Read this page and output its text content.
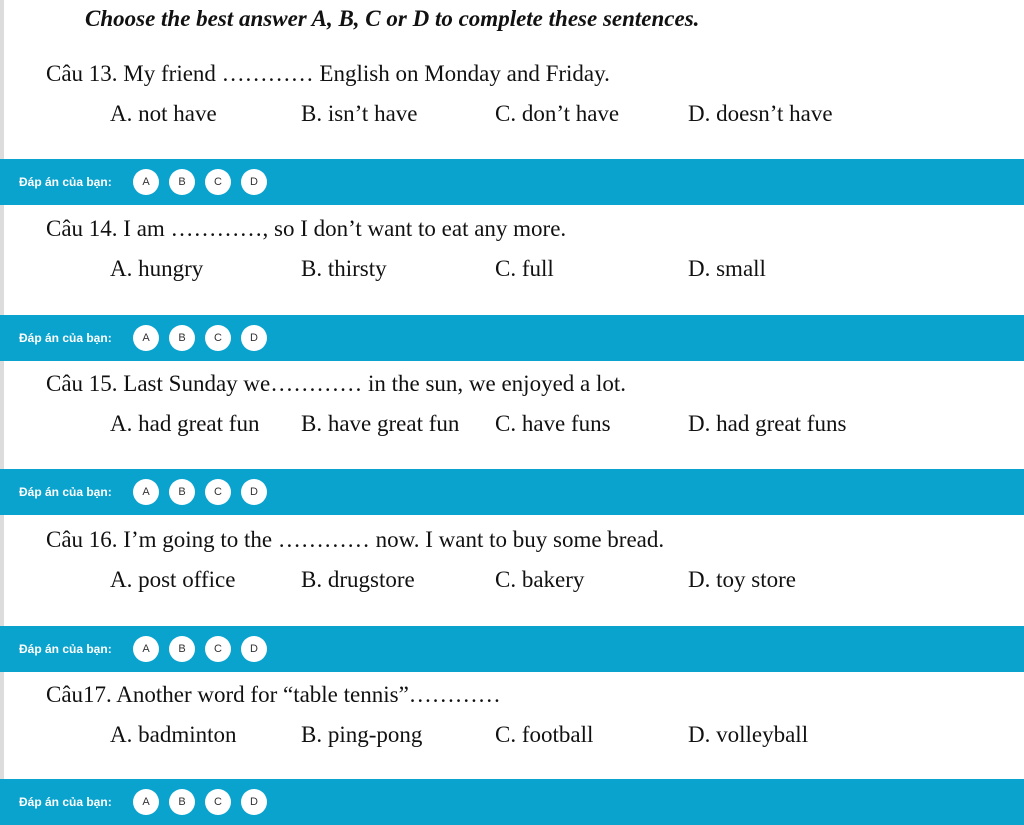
Choose the best answer A, B, C or D to complete these sentences.
Câu 13. My friend ………… English on Monday and Friday.
A. not have	B. isn’t have	C. don’t have	D. doesn’t have
Đáp án của bạn:	A	B	C	D
Câu 14. I am …………, so I don’t want to eat any more.
A. hungry	B. thirsty	C. full	D. small
Đáp án của bạn:	A	B	C	D
Câu 15. Last Sunday we………… in the sun, we enjoyed a lot.
A. had great fun B. have great fun C. have funs	D. had great funs
Đáp án của bạn:	A	B	C	D
Câu 16. I’m going to the ………… now. I want to buy some bread.
A. post office	B. drugstore	C. bakery	D. toy store
Đáp án của bạn:	A	B	C	D
Câu17. Another word for “table tennis”…………
A. badminton	B. ping-pong	C. football	D. volleyball
Đáp án của bạn:	A	B	C	D
